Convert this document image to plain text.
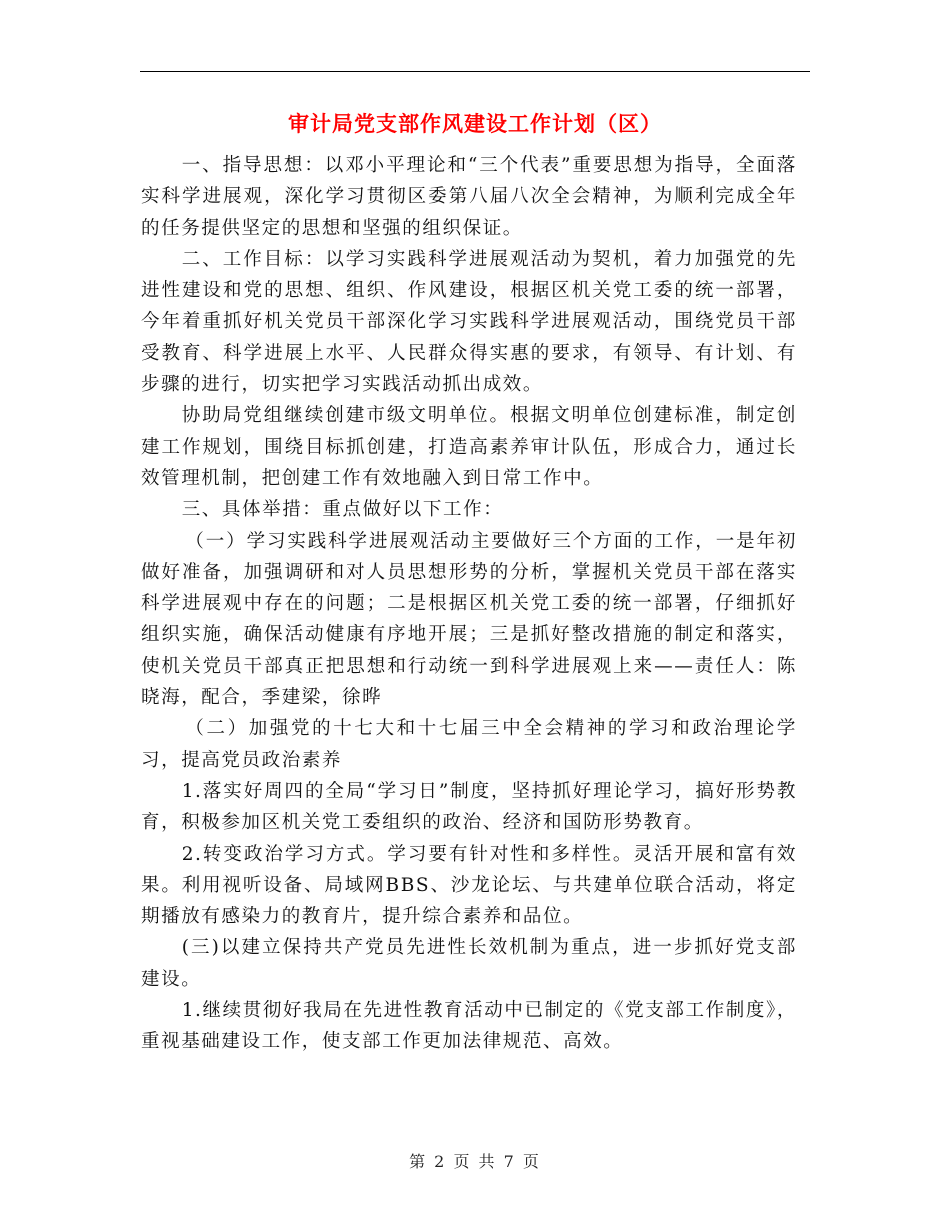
审计局党支部作风建设工作计划（区）

一、指导思想：以邓小平理论和“三个代表”重要思想为指导，全面落实科学进展观，深化学习贯彻区委第八届八次全会精神，为顺利完成全年的任务提供坚定的思想和坚强的组织保证。

二、工作目标：以学习实践科学进展观活动为契机，着力加强党的先进性建设和党的思想、组织、作风建设，根据区机关党工委的统一部署，今年着重抓好机关党员干部深化学习实践科学进展观活动，围绕党员干部受教育、科学进展上水平、人民群众得实惠的要求，有领导、有计划、有步骤的进行，切实把学习实践活动抓出成效。

协助局党组继续创建市级文明单位。根据文明单位创建标准，制定创建工作规划，围绕目标抓创建，打造高素养审计队伍，形成合力，通过长效管理机制，把创建工作有效地融入到日常工作中。

三、具体举措：重点做好以下工作：

（一）学习实践科学进展观活动主要做好三个方面的工作，一是年初做好准备，加强调研和对人员思想形势的分析，掌握机关党员干部在落实科学进展观中存在的问题；二是根据区机关党工委的统一部署，仔细抓好组织实施，确保活动健康有序地开展；三是抓好整改措施的制定和落实，使机关党员干部真正把思想和行动统一到科学进展观上来——责任人：陈晓海，配合，季建梁，徐晔

（二）加强党的十七大和十七届三中全会精神的学习和政治理论学习，提高党员政治素养

1.落实好周四的全局“学习日”制度，坚持抓好理论学习，搞好形势教育，积极参加区机关党工委组织的政治、经济和国防形势教育。

2.转变政治学习方式。学习要有针对性和多样性。灵活开展和富有效果。利用视听设备、局域网BBS、沙龙论坛、与共建单位联合活动，将定期播放有感染力的教育片，提升综合素养和品位。

(三)以建立保持共产党员先进性长效机制为重点，进一步抓好党支部建设。

1.继续贯彻好我局在先进性教育活动中已制定的《党支部工作制度》，重视基础建设工作，使支部工作更加法律规范、高效。

第 2 页 共 7 页
